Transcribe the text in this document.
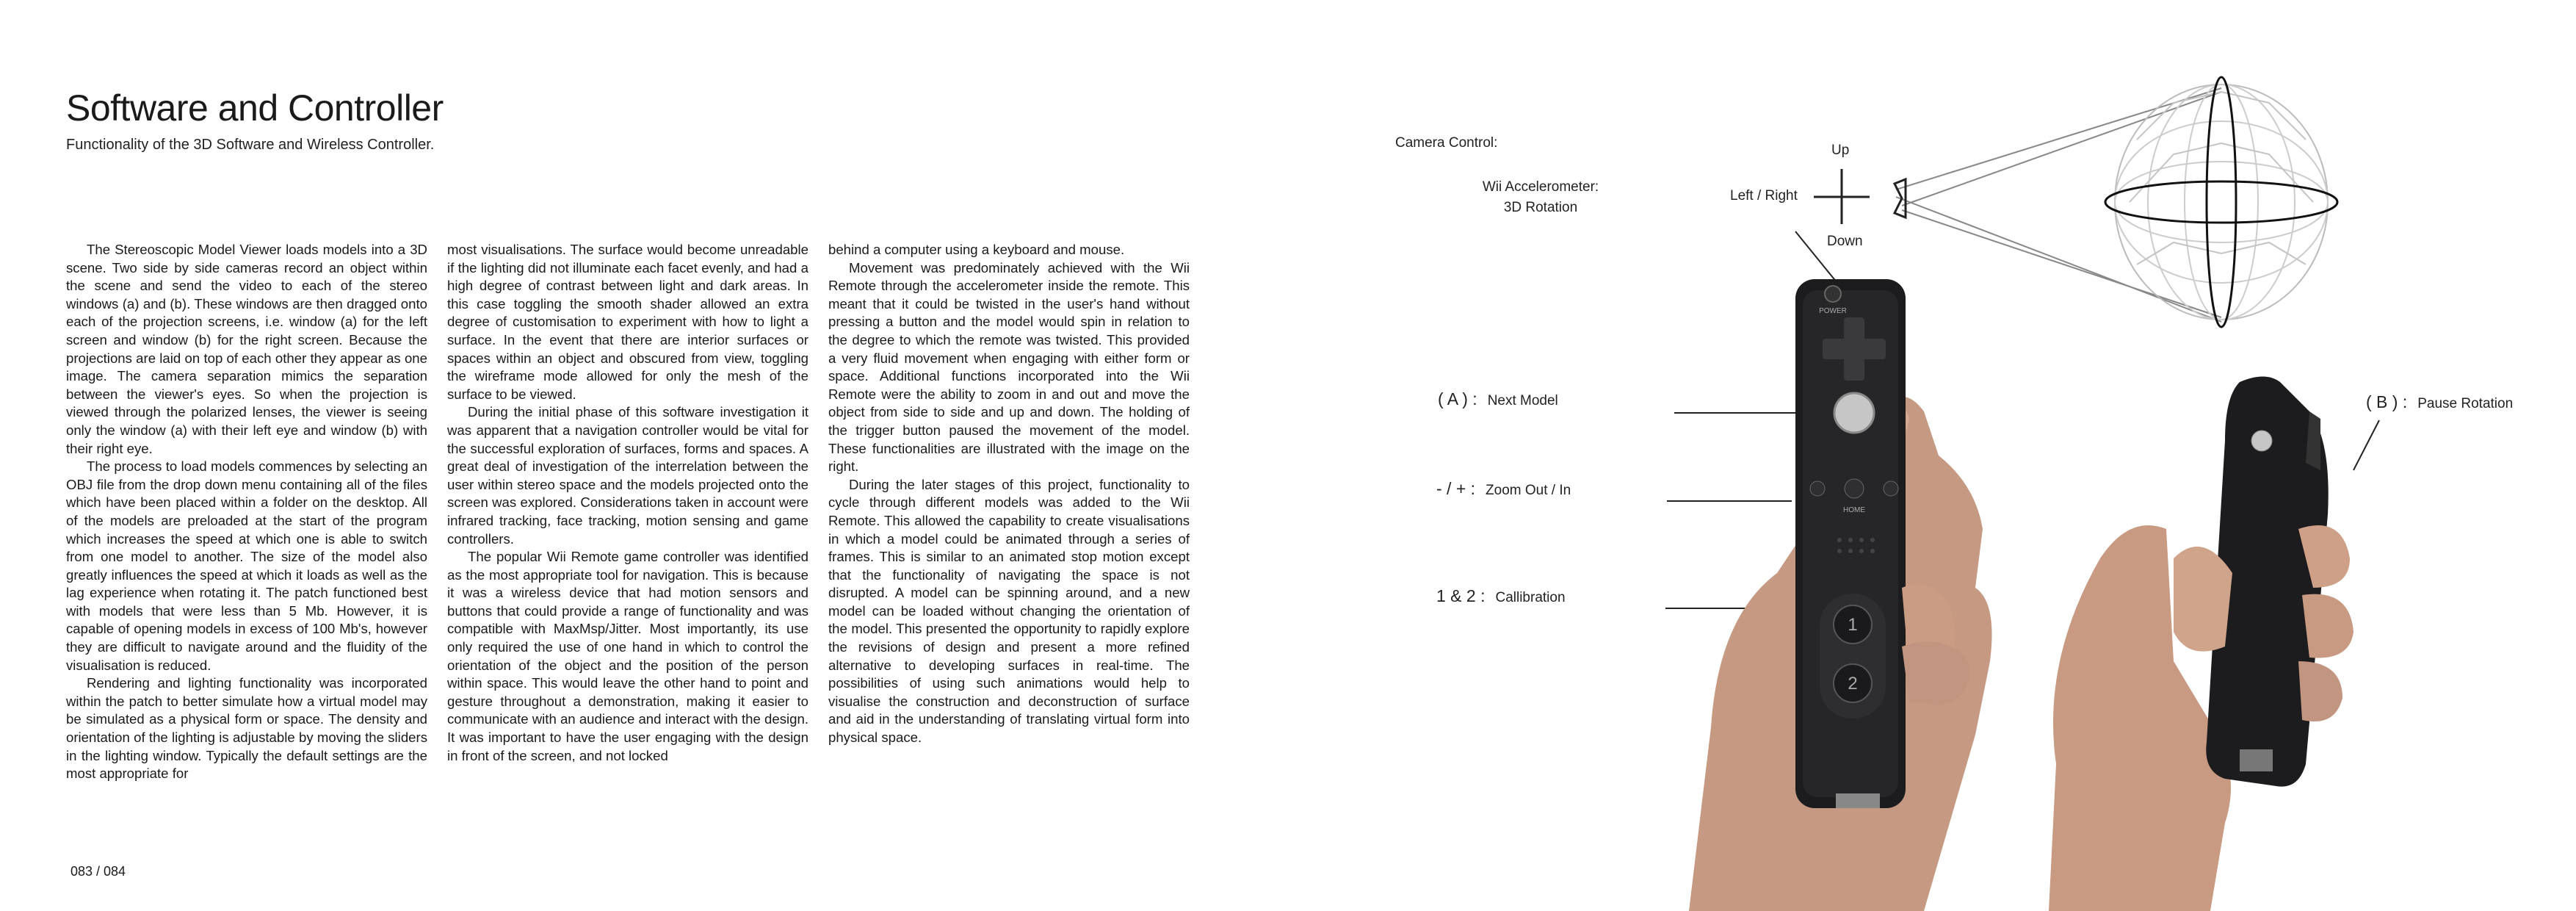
Software and Controller
Functionality of the 3D Software and Wireless Controller.

The Stereoscopic Model Viewer loads models into a 3D scene. Two side by side cameras record an object within the scene and send the video to each of the stereo windows (a) and (b). These windows are then dragged onto each of the projection screens, i.e. window (a) for the left screen and window (b) for the right screen. Because the projections are laid on top of each other they appear as one image. The camera separation mimics the separation between the viewer's eyes. So when the projection is viewed through the polarized lenses, the viewer is seeing only the window (a) with their left eye and window (b) with their right eye.

The process to load models commences by selecting an OBJ file from the drop down menu containing all of the files which have been placed within a folder on the desktop. All of the models are preloaded at the start of the program which increases the speed at which one is able to switch from one model to another. The size of the model also greatly influences the speed at which it loads as well as the lag experience when rotating it. The patch functioned best with models that were less than 5 Mb. However, it is capable of opening models in excess of 100 Mb's, however they are difficult to navigate around and the fluidity of the visualisation is reduced.

Rendering and lighting functionality was incorporated within the patch to better simulate how a virtual model may be simulated as a physical form or space. The density and orientation of the lighting is adjustable by moving the sliders in the lighting window. Typically the default settings are the most appropriate for

most visualisations. The surface would become unreadable if the lighting did not illuminate each facet evenly, and had a high degree of contrast between light and dark areas. In this case toggling the smooth shader allowed an extra degree of customisation to experiment with how to light a surface. In the event that there are interior surfaces or spaces within an object and obscured from view, toggling the wireframe mode allowed for only the mesh of the surface to be viewed.

During the initial phase of this software investigation it was apparent that a navigation controller would be vital for the successful exploration of surfaces, forms and spaces. A great deal of investigation of the interrelation between the user within stereo space and the models projected onto the screen was explored. Considerations taken in account were infrared tracking, face tracking, motion sensing and game controllers.

The popular Wii Remote game controller was identified as the most appropriate tool for navigation. This is because it was a wireless device that had motion sensors and buttons that could provide a range of functionality and was compatible with MaxMsp/Jitter. Most importantly, its use only required the use of one hand in which to control the orientation of the object and the position of the person within space. This would leave the other hand to point and gesture throughout a demonstration, making it easier to communicate with an audience and interact with the design. It was important to have the user engaging with the design in front of the screen, and not locked

behind a computer using a keyboard and mouse.

Movement was predominately achieved with the Wii Remote through the accelerometer inside the remote. This meant that it could be twisted in the user's hand without pressing a button and the model would spin in relation to the degree to which the remote was twisted. This provided a very fluid movement when engaging with either form or space. Additional functions incorporated into the Wii Remote were the ability to zoom in and out and move the object from side to side and up and down. The holding of the trigger button paused the movement of the model. These functionalities are illustrated with the image on the right.

During the later stages of this project, functionality to cycle through different models was added to the Wii Remote. This allowed the capability to create visualisations in which a model could be animated through a series of frames. This is similar to an animated stop motion except that the functionality of navigating the space is not disrupted. A model can be spinning around, and a new model can be loaded without changing the orientation of the model. This presented the opportunity to rapidly explore the revisions of design and present a more refined alternative to developing surfaces in real-time. The possibilities of using such animations would help to visualise the construction and deconstruction of surface and aid in the understanding of translating virtual form into physical space.

083 / 084
1
2
POWER
HOME
Camera Control:
Wii Accelerometer:
3D Rotation
Up
Down
Left / Right
( A ) : Next Model
- / + : Zoom Out / In
1 & 2 : Callibration
( B ) : Pause Rotation
